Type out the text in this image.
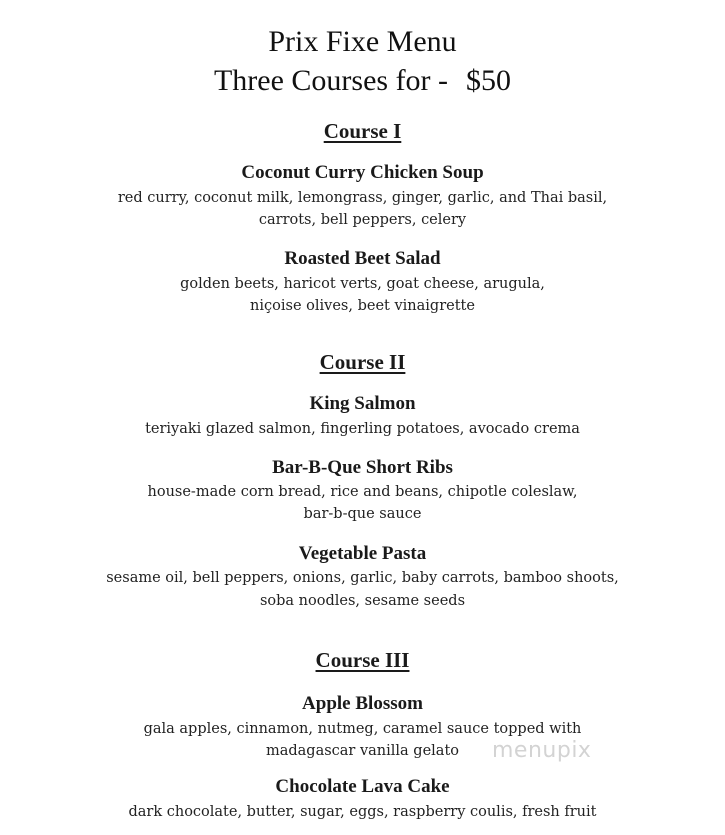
Prix Fixe Menu
Three Courses for - $50
Course I
Coconut Curry Chicken Soup
red curry, coconut milk, lemongrass, ginger, garlic, and Thai basil,
carrots, bell peppers, celery
Roasted Beet Salad
golden beets, haricot verts, goat cheese, arugula,
niçoise olives, beet vinaigrette
Course II
King Salmon
teriyaki glazed salmon, fingerling potatoes, avocado crema
Bar-B-Que Short Ribs
house-made corn bread, rice and beans, chipotle coleslaw,
bar-b-que sauce
Vegetable Pasta
sesame oil, bell peppers, onions, garlic, baby carrots, bamboo shoots,
soba noodles, sesame seeds
Course III
Apple Blossom
gala apples, cinnamon, nutmeg, caramel sauce topped with
madagascar vanilla gelato
Chocolate Lava Cake
dark chocolate, butter, sugar, eggs, raspberry coulis, fresh fruit
menupix
